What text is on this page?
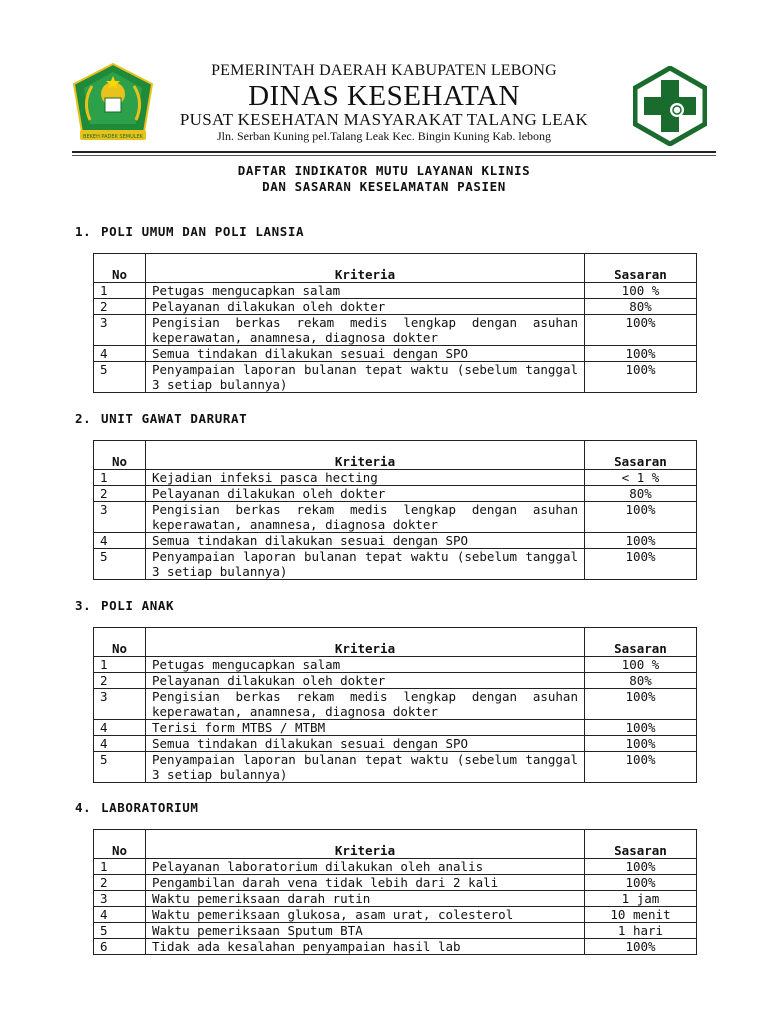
BEKEH PADEK SEMULEK
PEMERINTAH DAERAH KABUPATEN LEBONG
DINAS KESEHATAN
PUSAT KESEHATAN MASYARAKAT TALANG LEAK
Jln. Serban Kuning pel.Talang Leak Kec. Bingin Kuning Kab. lebong
DAFTAR INDIKATOR MUTU LAYANAN KLINIS
DAN SASARAN KESELAMATAN PASIEN
1. POLI UMUM DAN POLI LANSIA
No	Kriteria	Sasaran
1	Petugas mengucapkan salam	100 %
2	Pelayanan dilakukan oleh dokter	80%
3	Pengisian berkas rekam medis lengkap dengan asuhan keperawatan, anamnesa, diagnosa dokter	100%
4	Semua tindakan dilakukan sesuai dengan SPO	100%
5	Penyampaian laporan bulanan tepat waktu (sebelum tanggal 3 setiap bulannya)	100%
2. UNIT GAWAT DARURAT
No	Kriteria	Sasaran
1	Kejadian infeksi pasca hecting	< 1 %
2	Pelayanan dilakukan oleh dokter	80%
3	Pengisian berkas rekam medis lengkap dengan asuhan keperawatan, anamnesa, diagnosa dokter	100%
4	Semua tindakan dilakukan sesuai dengan SPO	100%
5	Penyampaian laporan bulanan tepat waktu (sebelum tanggal 3 setiap bulannya)	100%
3. POLI ANAK
No	Kriteria	Sasaran
1	Petugas mengucapkan salam	100 %
2	Pelayanan dilakukan oleh dokter	80%
3	Pengisian berkas rekam medis lengkap dengan asuhan keperawatan, anamnesa, diagnosa dokter	100%
4	Terisi form MTBS / MTBM	100%
4	Semua tindakan dilakukan sesuai dengan SPO	100%
5	Penyampaian laporan bulanan tepat waktu (sebelum tanggal 3 setiap bulannya)	100%
4. LABORATORIUM
No	Kriteria	Sasaran
1	Pelayanan laboratorium dilakukan oleh analis	100%
2	Pengambilan darah vena tidak lebih dari 2 kali	100%
3	Waktu pemeriksaan darah rutin	1 jam
4	Waktu pemeriksaan glukosa, asam urat, colesterol	10 menit
5	Waktu pemeriksaan Sputum BTA	1 hari
6	Tidak ada kesalahan penyampaian hasil lab	100%
